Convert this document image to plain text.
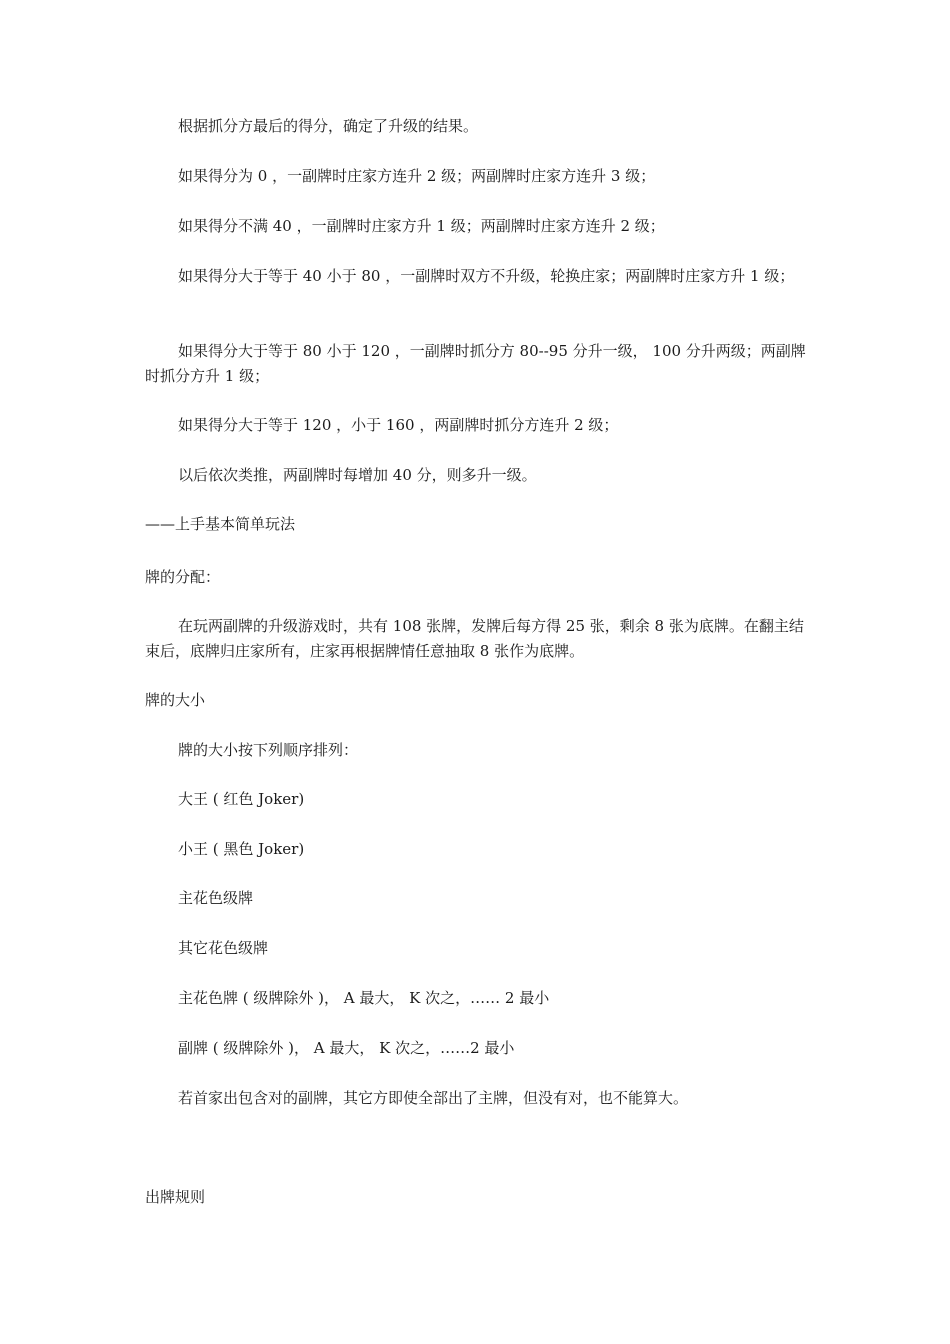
根据抓分方最后的得分，确定了升级的结果。

如果得分为 0 ，一副牌时庄家方连升 2 级；两副牌时庄家方连升 3 级；

如果得分不满 40 ，一副牌时庄家方升 1 级；两副牌时庄家方连升 2 级；

如果得分大于等于 40 小于 80 ，一副牌时双方不升级，轮换庄家；两副牌时庄家方升 1 级；

如果得分大于等于 80 小于 120 ，一副牌时抓分方 80--95 分升一级， 100 分升两级；两副牌时抓分方升 1 级；

如果得分大于等于 120 ，小于 160 ，两副牌时抓分方连升 2 级；

以后依次类推，两副牌时每增加 40 分，则多升一级。

——上手基本简单玩法

牌的分配：

在玩两副牌的升级游戏时，共有 108 张牌，发牌后每方得 25 张，剩余 8 张为底牌。在翻主结束后，底牌归庄家所有，庄家再根据牌情任意抽取 8 张作为底牌。

牌的大小

牌的大小按下列顺序排列：

大王 ( 红色 Joker)

小王 ( 黑色 Joker)

主花色级牌

其它花色级牌

主花色牌 ( 级牌除外 )， A 最大， K 次之，…… 2 最小

副牌 ( 级牌除外 )， A 最大， K 次之，……2 最小

若首家出包含对的副牌，其它方即使全部出了主牌，但没有对，也不能算大。

出牌规则
